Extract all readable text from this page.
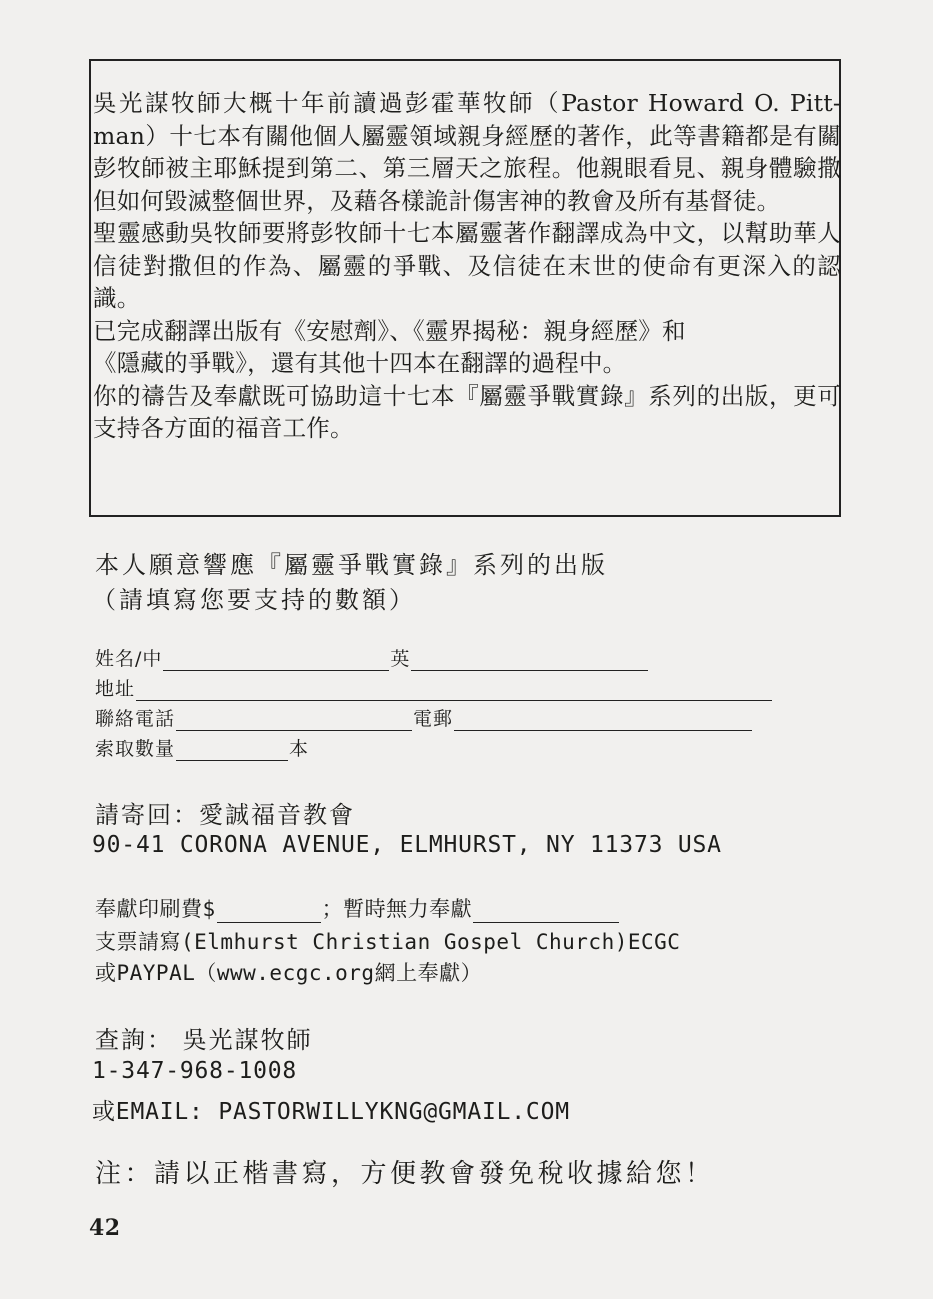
吳光謀牧師大概十年前讀過彭霍華牧師（Pastor Howard O. Pitt-man）十七本有關他個人屬靈領域親身經歷的著作，此等書籍都是有關彭牧師被主耶穌提到第二、第三層天之旅程。他親眼看見、親身體驗撒但如何毀滅整個世界，及藉各樣詭計傷害神的教會及所有基督徒。

聖靈感動吳牧師要將彭牧師十七本屬靈著作翻譯成為中文，以幫助華人信徒對撒但的作為、屬靈的爭戰、及信徒在末世的使命有更深入的認識。

已完成翻譯出版有《安慰劑》、《靈界揭秘：親身經歷》和

《隱藏的爭戰》，還有其他十四本在翻譯的過程中。

你的禱告及奉獻既可協助這十七本『屬靈爭戰實錄』系列的出版，更可支持各方面的福音工作。

本人願意響應『屬靈爭戰實錄』系列的出版

（請填寫您要支持的數額）

姓名/中	英
地址
聯絡電話	電郵
索取數量	本

請寄回：愛誠福音教會

90-41 CORONA AVENUE, ELMHURST, NY 11373 USA

奉獻印刷費$	； 暫時無力奉獻
支票請寫(Elmhurst Christian Gospel Church)ECGC
或PAYPAL（www.ecgc.org網上奉獻）

查詢： 吳光謀牧師

1-347-968-1008

或EMAIL: PASTORWILLYKNG@GMAIL.COM

注：請以正楷書寫，方便教會發免稅收據給您！

42
